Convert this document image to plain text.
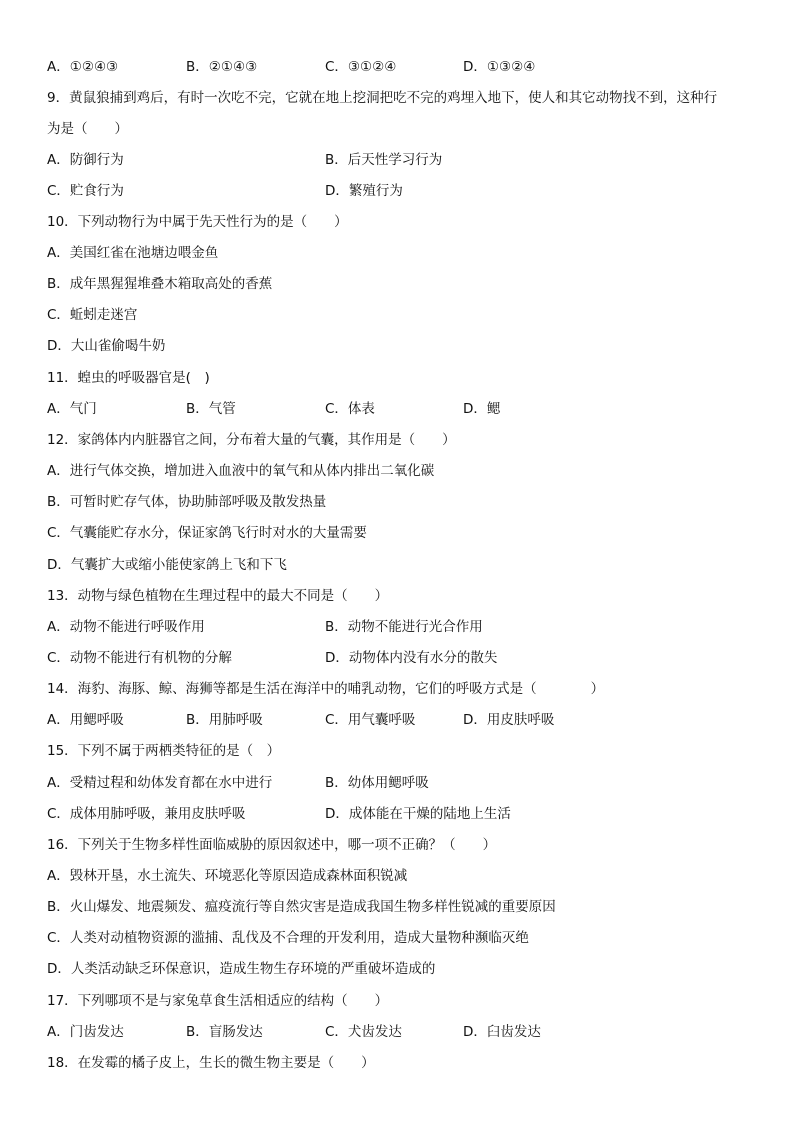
A．①②④③	B．②①④③	C．③①②④	D．①③②④
9．黄鼠狼捕到鸡后，有时一次吃不完，它就在地上挖洞把吃不完的鸡埋入地下，使人和其它动物找不到，这种行
为是（　　）
A．防御行为	B．后天性学习行为
C．贮食行为	D．繁殖行为
10．下列动物行为中属于先天性行为的是（　　）
A．美国红雀在池塘边喂金鱼
B．成年黑猩猩堆叠木箱取高处的香蕉
C．蚯蚓走迷宫
D．大山雀偷喝牛奶
11．蝗虫的呼吸器官是(　)
A．气门	B．气管	C．体表	D．鳃
12．家鸽体内内脏器官之间，分布着大量的气囊，其作用是（　　）
A．进行气体交换，增加进入血液中的氧气和从体内排出二氧化碳
B．可暂时贮存气体，协助肺部呼吸及散发热量
C．气囊能贮存水分，保证家鸽飞行时对水的大量需要
D．气囊扩大或缩小能使家鸽上飞和下飞
13．动物与绿色植物在生理过程中的最大不同是（　　）
A．动物不能进行呼吸作用	B．动物不能进行光合作用
C．动物不能进行有机物的分解	D．动物体内没有水分的散失
14．海豹、海豚、鲸、海狮等都是生活在海洋中的哺乳动物，它们的呼吸方式是（　　　　）
A．用鳃呼吸	B．用肺呼吸	C．用气囊呼吸	D．用皮肤呼吸
15．下列不属于两栖类特征的是（　）
A．受精过程和幼体发育都在水中进行	B．幼体用鳃呼吸
C．成体用肺呼吸，兼用皮肤呼吸	D．成体能在干燥的陆地上生活
16．下列关于生物多样性面临威胁的原因叙述中，哪一项不正确？（　　）
A．毁林开垦，水土流失、环境恶化等原因造成森林面积锐减
B．火山爆发、地震频发、瘟疫流行等自然灾害是造成我国生物多样性锐减的重要原因
C．人类对动植物资源的滥捕、乱伐及不合理的开发利用，造成大量物种濒临灭绝
D．人类活动缺乏环保意识，造成生物生存环境的严重破坏造成的
17．下列哪项不是与家兔草食生活相适应的结构（　　）
A．门齿发达	B．盲肠发达	C．犬齿发达	D．臼齿发达
18．在发霉的橘子皮上，生长的微生物主要是（　　）
